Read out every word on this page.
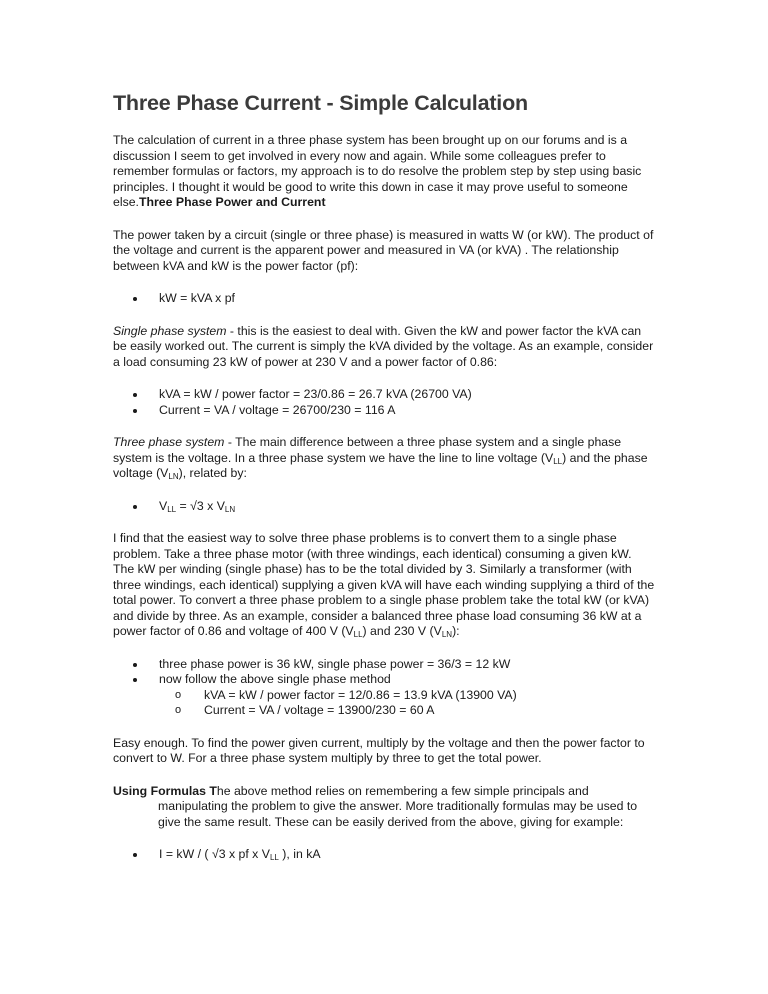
Three Phase Current - Simple Calculation

The calculation of current in a three phase system has been brought up on our forums and is a discussion I seem to get involved in every now and again. While some colleagues prefer to remember formulas or factors, my approach is to do resolve the problem step by step using basic principles. I thought it would be good to write this down in case it may prove useful to someone else.Three Phase Power and Current

The power taken by a circuit (single or three phase) is measured in watts W (or kW). The product of the voltage and current is the apparent power and measured in VA (or kVA) . The relationship between kVA and kW is the power factor (pf):

kW = kVA x pf

Single phase system - this is the easiest to deal with. Given the kW and power factor the kVA can be easily worked out. The current is simply the kVA divided by the voltage. As an example, consider a load consuming 23 kW of power at 230 V and a power factor of 0.86:

kVA = kW / power factor = 23/0.86 = 26.7 kVA (26700 VA)
Current = VA / voltage = 26700/230 = 116 A

Three phase system - The main difference between a three phase system and a single phase system is the voltage. In a three phase system we have the line to line voltage $(V_{LL})$ and the phase voltage $(V_{LN})$, related by:

$V_{LL} = √3$ x $V_{LN}$

I find that the easiest way to solve three phase problems is to convert them to a single phase problem. Take a three phase motor (with three windings, each identical) consuming a given kW. The kW per winding (single phase) has to be the total divided by 3. Similarly a transformer (with three windings, each identical) supplying a given kVA will have each winding supplying a third of the total power. To convert a three phase problem to a single phase problem take the total kW (or kVA) and divide by three. As an example, consider a balanced three phase load consuming 36 kW at a power factor of 0.86 and voltage of 400 V $(V_{LL})$ and 230 V $(V_{LN})$:

three phase power is 36 kW, single phase power = 36/3 = 12 kW
now follow the above single phase method
o kVA = kW / power factor = 12/0.86 = 13.9 kVA (13900 VA)
o Current = VA / voltage = 13900/230 = 60 A

Easy enough. To find the power given current, multiply by the voltage and then the power factor to convert to W. For a three phase system multiply by three to get the total power.

Using Formulas The above method relies on remembering a few simple principals and manipulating the problem to give the answer. More traditionally formulas may be used to give the same result. These can be easily derived from the above, giving for example:

I = kW / ( √3 x pf x $V_{LL}$ ), in kA
